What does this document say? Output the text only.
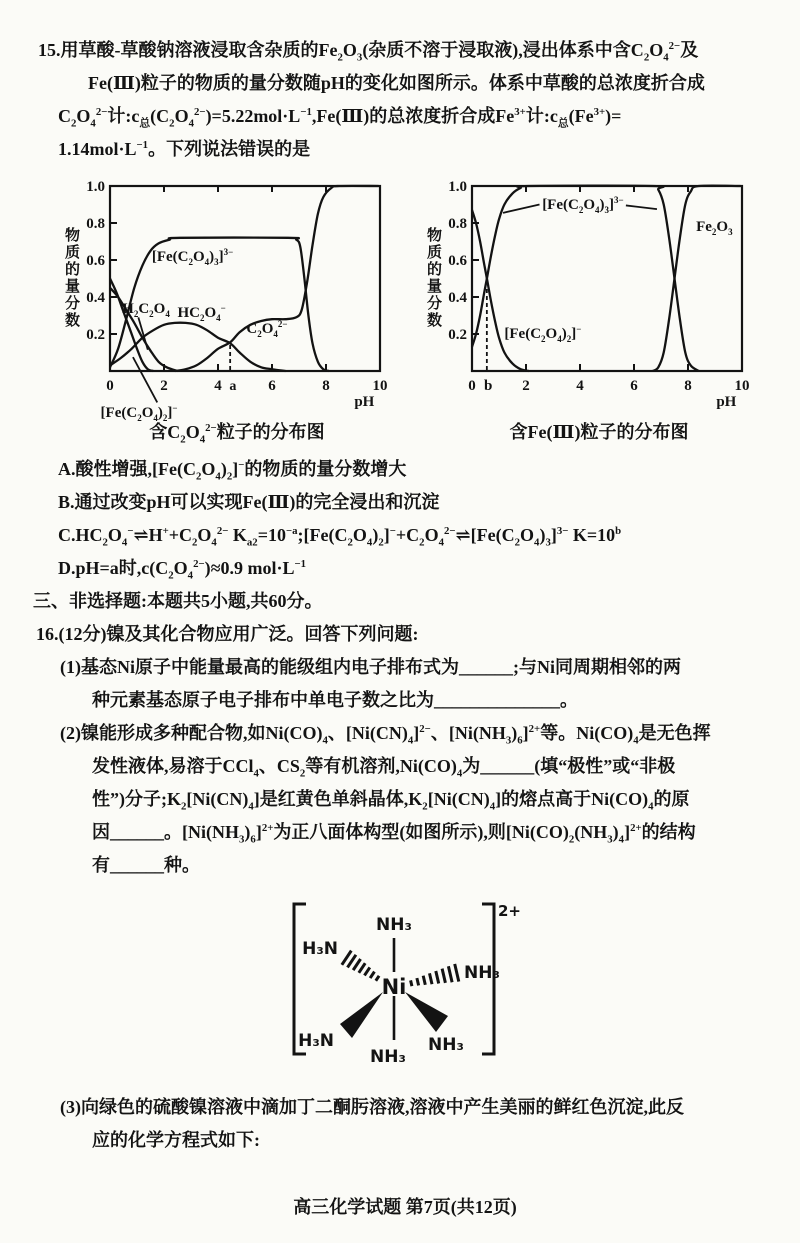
15.用草酸-草酸钠溶液浸取含杂质的$Fe_2O_3$(杂质不溶于浸取液),浸出体系中含$C_2O_4^{2-}$及
Fe(Ⅲ)粒子的物质的量分数随pH的变化如图所示。体系中草酸的总浓度折合成
$C_2O_4^{2-}$计$:c_总(C_2O_4^{2-})=5.22mol\cdot L^{-1},Fe(Ⅲ)$的总浓度折合成$Fe^{3+}$计$:c_总(Fe^{3+})=$
$1.14mol\cdot L^{-1}$。下列说法错误的是
物质的量分数
0	2	4 a 6	8	10
0.2
0.4
0.6
0.8
1.0
含$C_2O_4^{2-}$粒子的分布图
$[Fe(C_2O_4)_3]^{3-}$
$H_2C_2O_4$ $HC_2O_4^-$
$C_2O_4^{2-}$
$[Fe(C_2O_4)_2]^-$	pH
物质的量分数
0 b 2	4	6	8	10
0.2
0.4
0.6
0.8
1.0
含Fe(Ⅲ)粒子的分布图
$[Fe(C_2O_4)_3]^{3-}$
$Fe_2O_3$
$[Fe(C_2O_4)_2]^-$
pH
A.酸性增强$,[Fe(C_2O_4)_2]^-$的物质的量分数增大
B.通过改变pH可以实现Fe(Ⅲ)的完全浸出和沉淀
$C.HC_2O_4^-\rightleftharpoons H^++C_2O_4^{2-}$ $K_{a2}=10^{-a};[Fe(C_2O_4)_2]^-+C_2O_4^{2-}\rightleftharpoons[Fe(C_2O_4)_3]^{3-}$ $K=10^b$
D.pH=a时$,c(C_2O_4^{2-})\approx 0.9$ $mol\cdot L^{-1}$
三、非选择题:本题共5小题,共60分。
16.(12分)镍及其化合物应用广泛。回答下列问题:
(1)基态Ni原子中能量最高的能级组内电子排布式为______;与Ni同周期相邻的两
种元素基态原子电子排布中单电子数之比为______________。
(2)镍能形成多种配合物,如$Ni(CO)_4$、$[Ni(CN)_4]^{2-}$、$[Ni(NH_3)_6]^{2+}$等。$Ni(CO)_4$是无色挥
发性液体,易溶于CCl$_4$、$CS_2$等有机溶剂$,Ni(CO)_4$为______(填“极性”或“非极
性”)分子$;K_2[Ni(CN)_4]$是红黄色单斜晶体$,K_2[Ni(CN)_4]$的熔点高于$Ni(CO)_4$的原
因______。$[Ni(NH_3)_6]^{2+}$为正八面体构型(如图所示),则$[Ni(CO)_2(NH_3)_4]^{2+}$的结构
有______种。
2+
Ni
NH₃
H₃N
NH₃
H₃N
NH₃
NH₃
(3)向绿色的硫酸镍溶液中滴加丁二酮肟溶液,溶液中产生美丽的鲜红色沉淀,此反
应的化学方程式如下:
高三化学试题 第7页(共12页)
